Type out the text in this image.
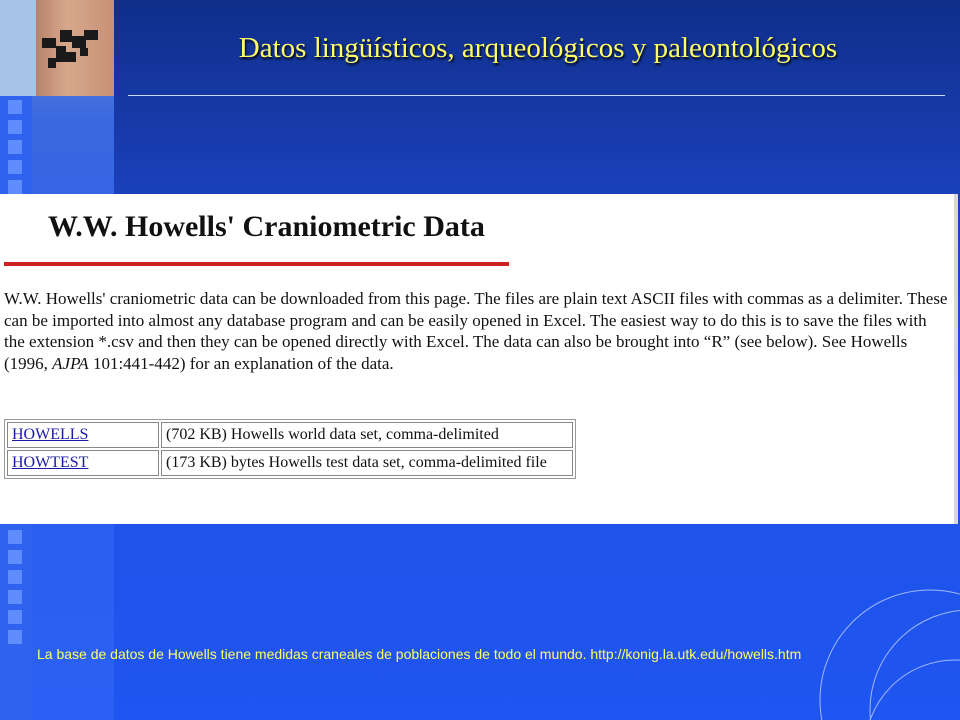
Datos lingüísticos, arqueológicos y paleontológicos
W.W. Howells' Craniometric Data
W.W. Howells' craniometric data can be downloaded from this page. The files are plain text ASCII files with commas as a delimiter. These can be imported into almost any database program and can be easily opened in Excel. The easiest way to do this is to save the files with the extension *.csv and then they can be opened directly with Excel. The data can also be brought into “R” (see below). See Howells (1996, AJPA 101:441-442) for an explanation of the data.
HOWELLS	(702 KB) Howells world data set, comma-delimited
HOWTEST	(173 KB) bytes Howells test data set, comma-delimited file
La base de datos de Howells tiene medidas craneales de poblaciones de todo el mundo. http://konig.la.utk.edu/howells.htm
